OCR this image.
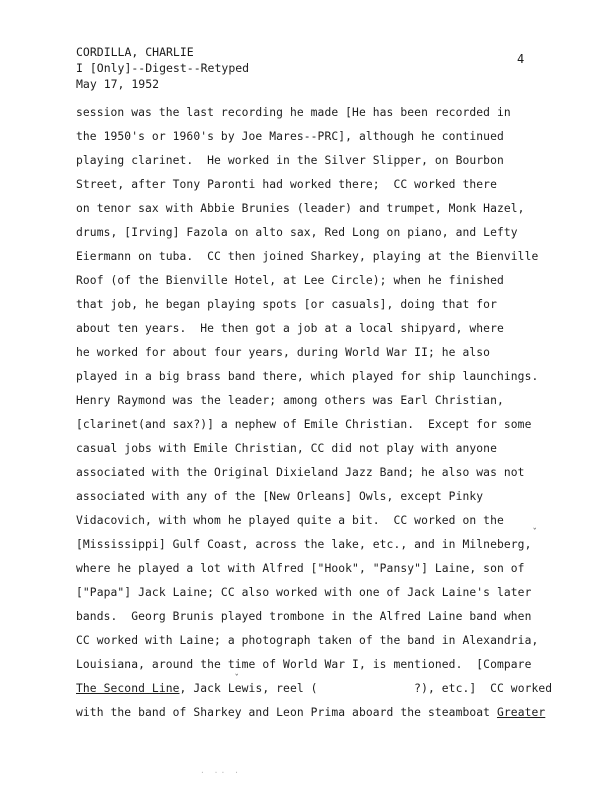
CORDILLA, CHARLIE
I [Only]--Digest--Retyped
May 17, 1952
4
session was the last recording he made [He has been recorded in
the 1950's or 1960's by Joe Mares--PRC], although he continued
playing clarinet.  He worked in the Silver Slipper, on Bourbon
Street, after Tony Paronti had worked there;  CC worked there
on tenor sax with Abbie Brunies (leader) and trumpet, Monk Hazel,
drums, [Irving] Fazola on alto sax, Red Long on piano, and Lefty
Eiermann on tuba.  CC then joined Sharkey, playing at the Bienville
Roof (of the Bienville Hotel, at Lee Circle); when he finished
that job, he began playing spots [or casuals], doing that for
about ten years.  He then got a job at a local shipyard, where
he worked for about four years, during World War II; he also
played in a big brass band there, which played for ship launchings.
Henry Raymond was the leader; among others was Earl Christian,
[clarinet(and sax?)] a nephew of Emile Christian.  Except for some
casual jobs with Emile Christian, CC did not play with anyone
associated with the Original Dixieland Jazz Band; he also was not
associated with any of the [New Orleans] Owls, except Pinky
Vidacovich, with whom he played quite a bit.  CC worked on the
ˇ
[Mississippi] Gulf Coast, across the lake, etc., and in Milneberg,
where he played a lot with Alfred ["Hook", "Pansy"] Laine, son of
["Papa"] Jack Laine; CC also worked with one of Jack Laine's later
bands.  Georg Brunis played trombone in the Alfred Laine band when
CC worked with Laine; a photograph taken of the band in Alexandria,
Louisiana, around the time of World War I, is mentioned.  [Compare
ˇ
The Second Line, Jack Lewis, reel (              ?), etc.]  CC worked
with the band of Sharkey and Leon Prima aboard the steamboat Greater
· ·· ·
